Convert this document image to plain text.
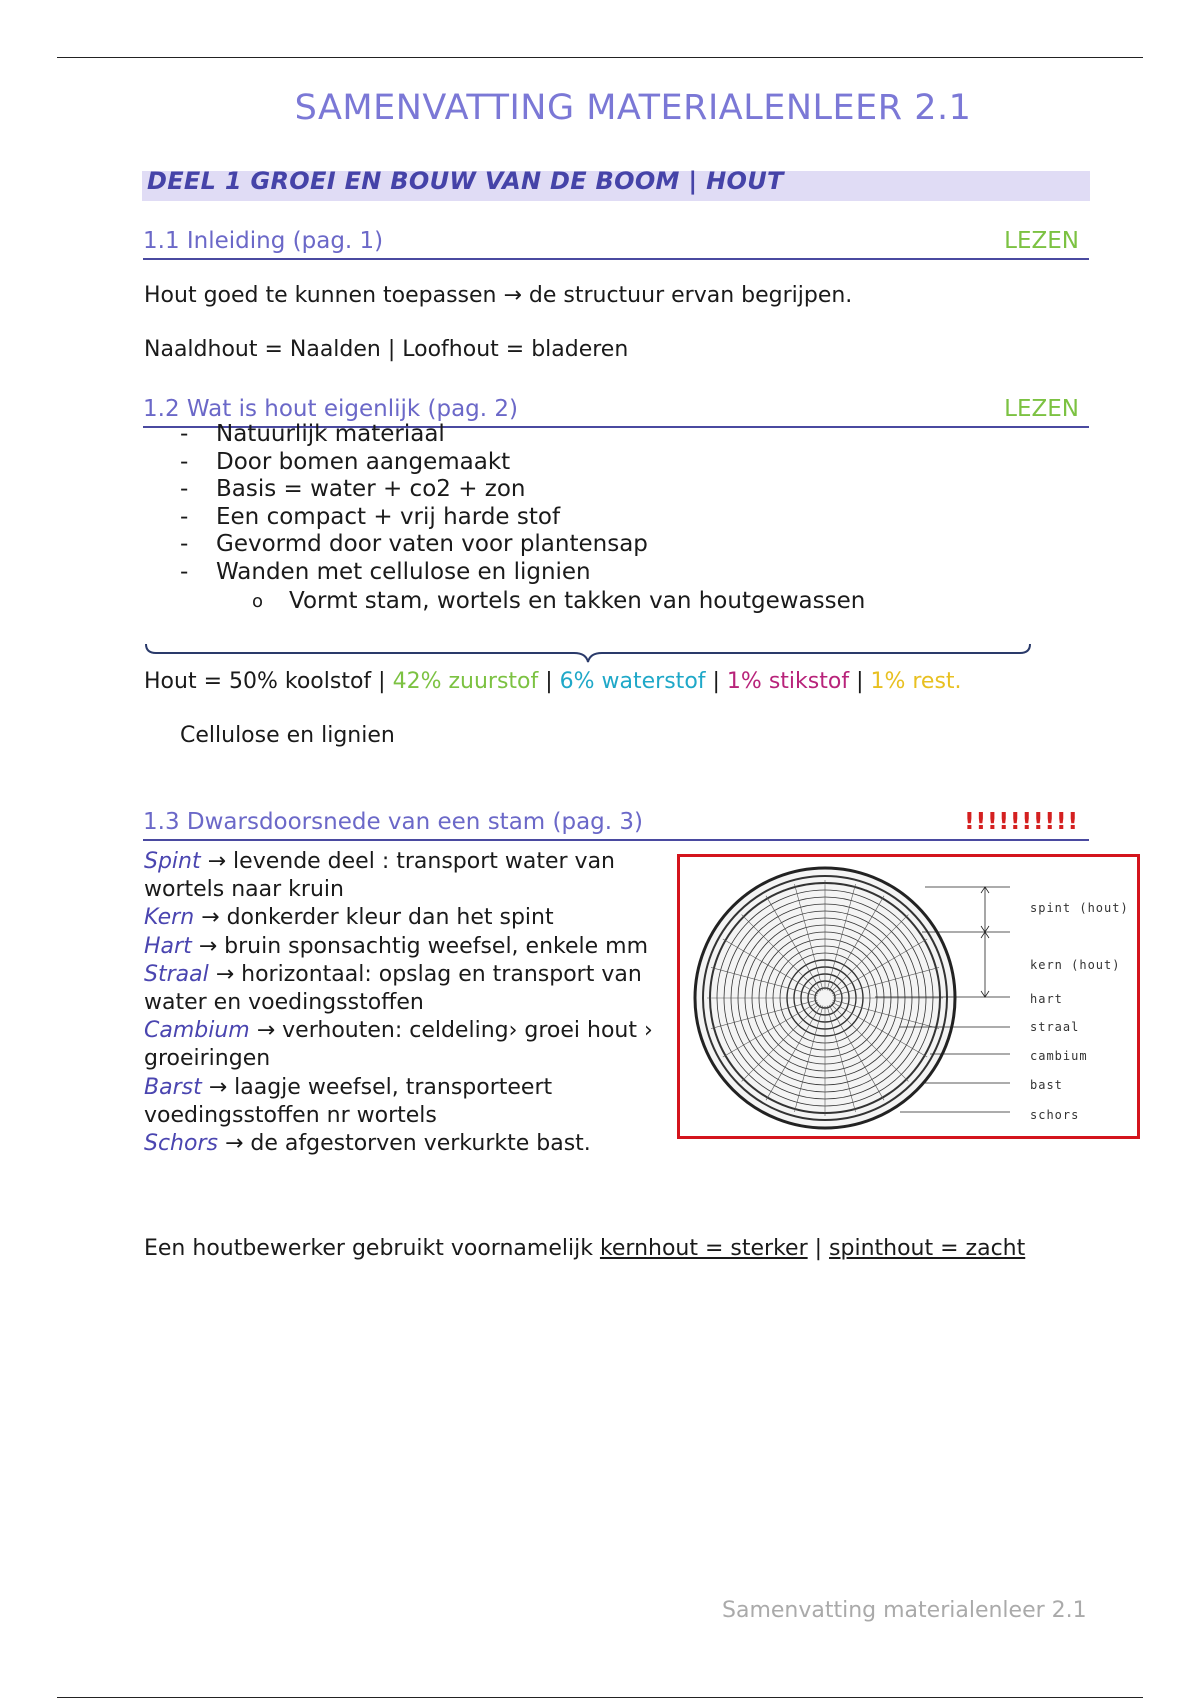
SAMENVATTING MATERIALENLEER 2.1
DEEL 1 GROEI EN BOUW VAN DE BOOM | HOUT
1.1 Inleiding (pag. 1)	LEZEN
Hout goed te kunnen toepassen → de structuur ervan begrijpen.
Naaldhout = Naalden | Loofhout = bladeren
1.2 Wat is hout eigenlijk (pag. 2)	LEZEN
- Natuurlijk materiaal
- Door bomen aangemaakt
- Basis = water + co2 + zon
- Een compact + vrij harde stof
- Gevormd door vaten voor plantensap
- Wanden met cellulose en lignien
o Vormt stam, wortels en takken van houtgewassen
Hout = 50% koolstof | 42% zuurstof | 6% waterstof | 1% stikstof | 1% rest.
Cellulose en lignien
1.3 Dwarsdoorsnede van een stam (pag. 3)	!!!!!!!!!!
Spint → levende deel : transport water van wortels naar kruin
Kern → donkerder kleur dan het spint
Hart → bruin sponsachtig weefsel, enkele mm
Straal → horizontaal: opslag en transport van water en voedingsstoffen
Cambium → verhouten: celdeling› groei hout › groeiringen
Barst → laagje weefsel, transporteert voedingsstoffen nr wortels
Schors → de afgestorven verkurkte bast.
spint (hout)
kern (hout)
hart
straal
cambium
bast
schors
Een houtbewerker gebruikt voornamelijk kernhout = sterker | spinthout = zacht
Samenvatting materialenleer 2.1
